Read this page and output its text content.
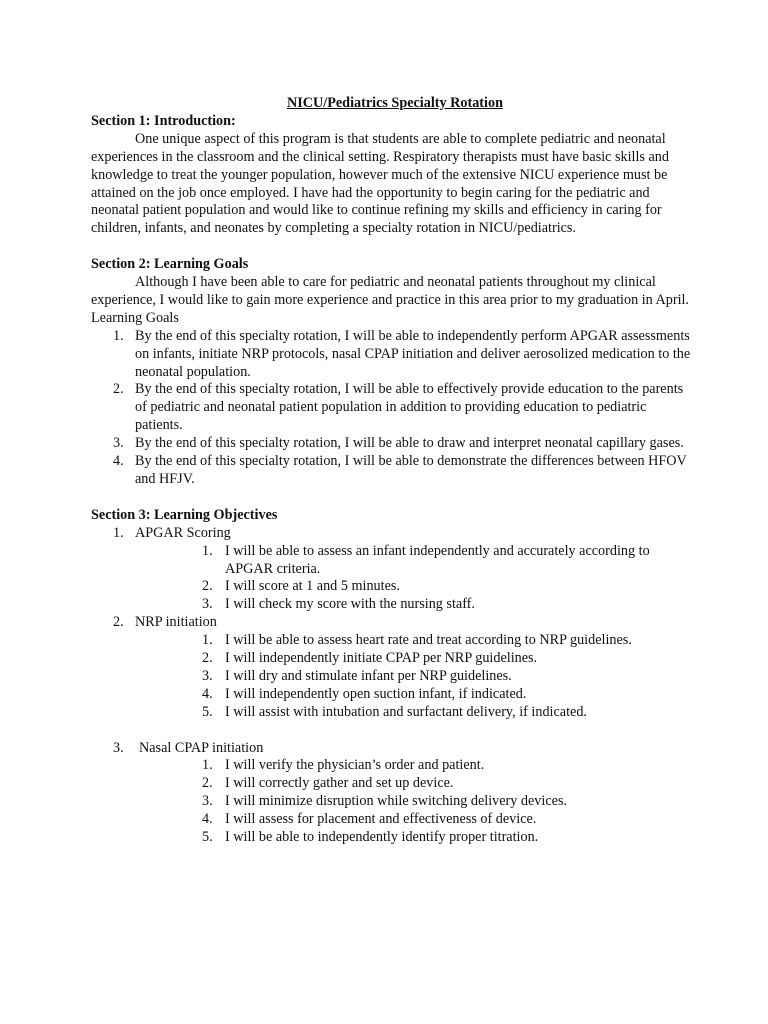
NICU/Pediatrics Specialty Rotation

Section 1: Introduction:

One unique aspect of this program is that students are able to complete pediatric and neonatal experiences in the classroom and the clinical setting. Respiratory therapists must have basic skills and knowledge to treat the younger population, however much of the extensive NICU experience must be attained on the job once employed. I have had the opportunity to begin caring for the pediatric and neonatal patient population and would like to continue refining my skills and efficiency in caring for children, infants, and neonates by completing a specialty rotation in NICU/pediatrics.

Section 2: Learning Goals

Although I have been able to care for pediatric and neonatal patients throughout my clinical experience, I would like to gain more experience and practice in this area prior to my graduation in April.

Learning Goals

1. By the end of this specialty rotation, I will be able to independently perform APGAR assessments on infants, initiate NRP protocols, nasal CPAP initiation and deliver aerosolized medication to the neonatal population.
2. By the end of this specialty rotation, I will be able to effectively provide education to the parents of pediatric and neonatal patient population in addition to providing education to pediatric patients.
3. By the end of this specialty rotation, I will be able to draw and interpret neonatal capillary gases.
4. By the end of this specialty rotation, I will be able to demonstrate the differences between HFOV and HFJV.

Section 3: Learning Objectives

1. APGAR Scoring
1. I will be able to assess an infant independently and accurately according to APGAR criteria.
2. I will score at 1 and 5 minutes.
3. I will check my score with the nursing staff.
2. NRP initiation
1. I will be able to assess heart rate and treat according to NRP guidelines.
2. I will independently initiate CPAP per NRP guidelines.
3. I will dry and stimulate infant per NRP guidelines.
4. I will independently open suction infant, if indicated.
5. I will assist with intubation and surfactant delivery, if indicated.
3. Nasal CPAP initiation
1. I will verify the physician’s order and patient.
2. I will correctly gather and set up device.
3. I will minimize disruption while switching delivery devices.
4. I will assess for placement and effectiveness of device.
5. I will be able to independently identify proper titration.
